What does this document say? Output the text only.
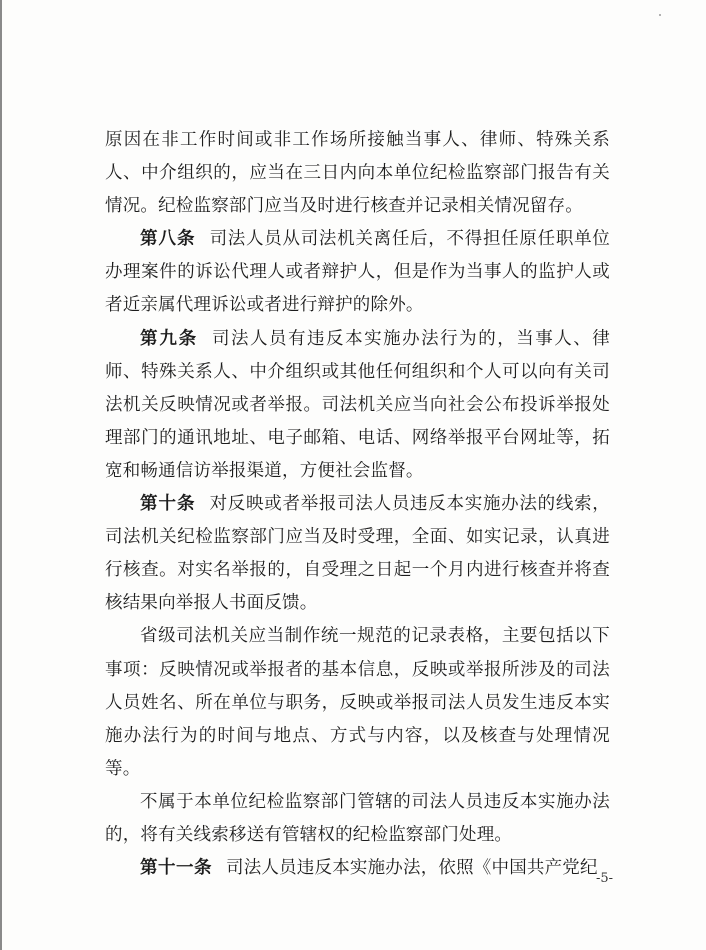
原因在非工作时间或非工作场所接触当事人、律师、特殊关系人、中介组织的，应当在三日内向本单位纪检监察部门报告有关情况。纪检监察部门应当及时进行核查并记录相关情况留存。

第八条 司法人员从司法机关离任后，不得担任原任职单位办理案件的诉讼代理人或者辩护人，但是作为当事人的监护人或者近亲属代理诉讼或者进行辩护的除外。

第九条 司法人员有违反本实施办法行为的，当事人、律师、特殊关系人、中介组织或其他任何组织和个人可以向有关司法机关反映情况或者举报。司法机关应当向社会公布投诉举报处理部门的通讯地址、电子邮箱、电话、网络举报平台网址等，拓宽和畅通信访举报渠道，方便社会监督。

第十条 对反映或者举报司法人员违反本实施办法的线索，司法机关纪检监察部门应当及时受理，全面、如实记录，认真进行核查。对实名举报的，自受理之日起一个月内进行核查并将查核结果向举报人书面反馈。

省级司法机关应当制作统一规范的记录表格，主要包括以下事项：反映情况或举报者的基本信息，反映或举报所涉及的司法人员姓名、所在单位与职务，反映或举报司法人员发生违反本实施办法行为的时间与地点、方式与内容，以及核查与处理情况等。

不属于本单位纪检监察部门管辖的司法人员违反本实施办法的，将有关线索移送有管辖权的纪检监察部门处理。

第十一条 司法人员违反本实施办法，依照《中国共产党纪

-5-
